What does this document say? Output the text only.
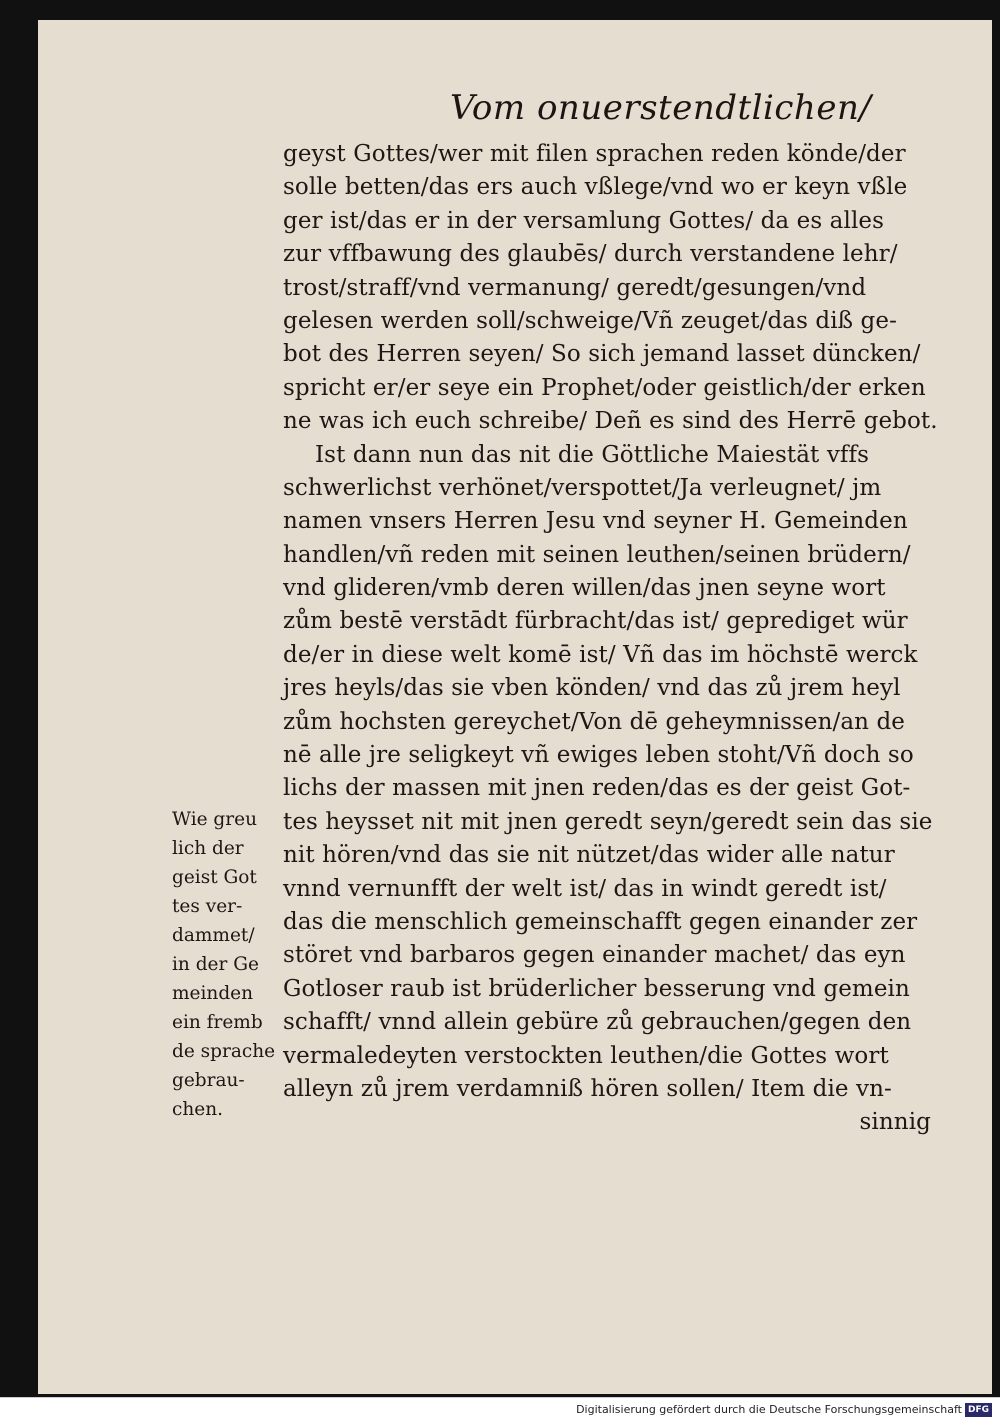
Vom onuerstendtlichen/
geyst Gottes/wer mit filen sprachen reden könde/der
solle betten/das ers auch vßlege/vnd wo er keyn vßle
ger ist/das er in der versamlung Gottes/ da es alles
zur vffbawung des glaubēs/ durch verstandene lehr/
trost/straff/vnd vermanung/ geredt/gesungen/vnd
gelesen werden soll/schweige/Vñ zeuget/das diß ge-
bot des Herren seyen/ So sich jemand lasset düncken/
spricht er/er seye ein Prophet/oder geistlich/der erken
ne was ich euch schreibe/ Deñ es sind des Herrē gebot.
Ist dann nun das nit die Göttliche Maiestät vffs
schwerlichst verhönet/verspottet/Ja verleugnet/ jm
namen vnsers Herren Jesu vnd seyner H. Gemeinden
handlen/vñ reden mit seinen leuthen/seinen brüdern/
vnd glideren/vmb deren willen/das jnen seyne wort
zům bestē verstādt fürbracht/das ist/ geprediget wür
de/er in diese welt komē ist/ Vñ das im höchstē werck
jres heyls/das sie vben könden/ vnd das zů jrem heyl
zům hochsten gereychet/Von dē geheymnissen/an de
nē alle jre seligkeyt vñ ewiges leben stoht/Vñ doch so
lichs der massen mit jnen reden/das es der geist Got-
tes heysset nit mit jnen geredt seyn/geredt sein das sie
nit hören/vnd das sie nit nützet/das wider alle natur
vnnd vernunfft der welt ist/ das in windt geredt ist/
das die menschlich gemeinschafft gegen einander zer
störet vnd barbaros gegen einander machet/ das eyn
Gotloser raub ist brüderlicher besserung vnd gemein
schafft/ vnnd allein gebüre zů gebrauchen/gegen den
vermaledeyten verstockten leuthen/die Gottes wort
alleyn zů jrem verdamniß hören sollen/ Item die vn-
sinnig
Wie greu
lich der
geist Got
tes ver-
dammet/
in der Ge
meinden
ein fremb
de sprache
gebrau-
chen.
Digitalisierung gefördert durch die Deutsche Forschungsgemeinschaft DFG
